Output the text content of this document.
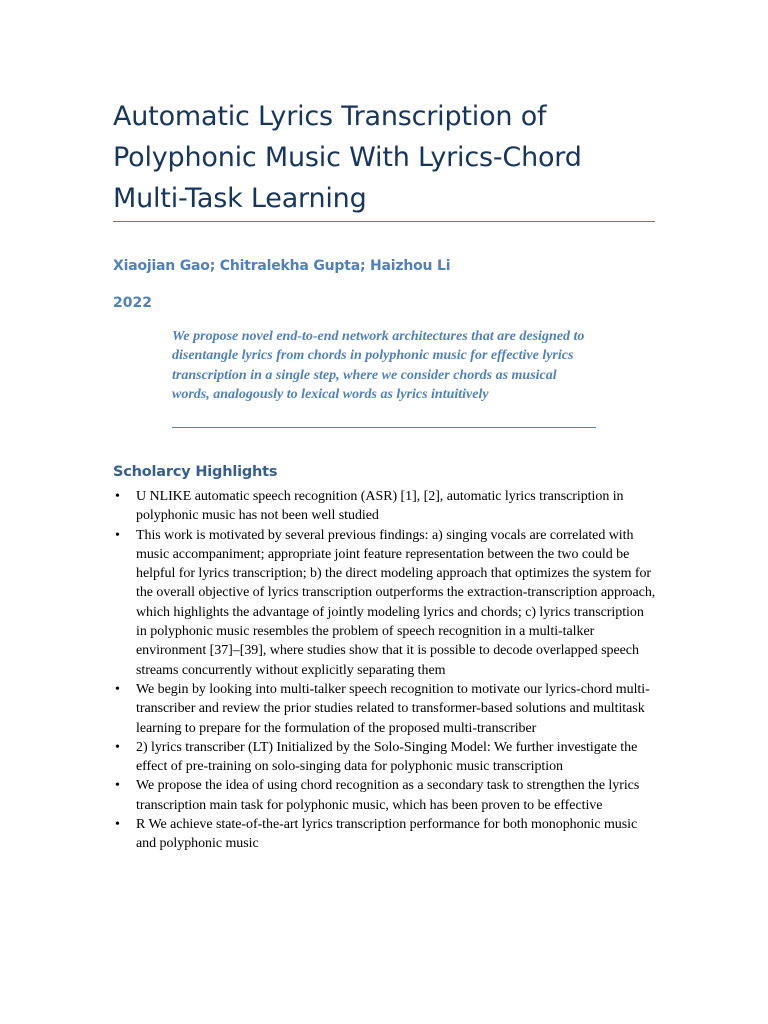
Automatic Lyrics Transcription of Polyphonic Music With Lyrics-Chord Multi-Task Learning

Xiaojian Gao; Chitralekha Gupta; Haizhou Li

2022

We propose novel end-to-end network architectures that are designed to disentangle lyrics from chords in polyphonic music for effective lyrics transcription in a single step, where we consider chords as musical words, analogously to lexical words as lyrics intuitively

Scholarcy Highlights
• U NLIKE automatic speech recognition (ASR) [1], [2], automatic lyrics transcription in polyphonic music has not been well studied
• This work is motivated by several previous findings: a) singing vocals are correlated with music accompaniment; appropriate joint feature representation between the two could be helpful for lyrics transcription; b) the direct modeling approach that optimizes the system for the overall objective of lyrics transcription outperforms the extraction-transcription approach, which highlights the advantage of jointly modeling lyrics and chords; c) lyrics transcription in polyphonic music resembles the problem of speech recognition in a multi-talker environment [37]–[39], where studies show that it is possible to decode overlapped speech streams concurrently without explicitly separating them
• We begin by looking into multi-talker speech recognition to motivate our lyrics-chord multi-transcriber and review the prior studies related to transformer-based solutions and multitask learning to prepare for the formulation of the proposed multi-transcriber
• 2) lyrics transcriber (LT) Initialized by the Solo-Singing Model: We further investigate the effect of pre-training on solo-singing data for polyphonic music transcription
• We propose the idea of using chord recognition as a secondary task to strengthen the lyrics transcription main task for polyphonic music, which has been proven to be effective
• R We achieve state-of-the-art lyrics transcription performance for both monophonic music and polyphonic music
